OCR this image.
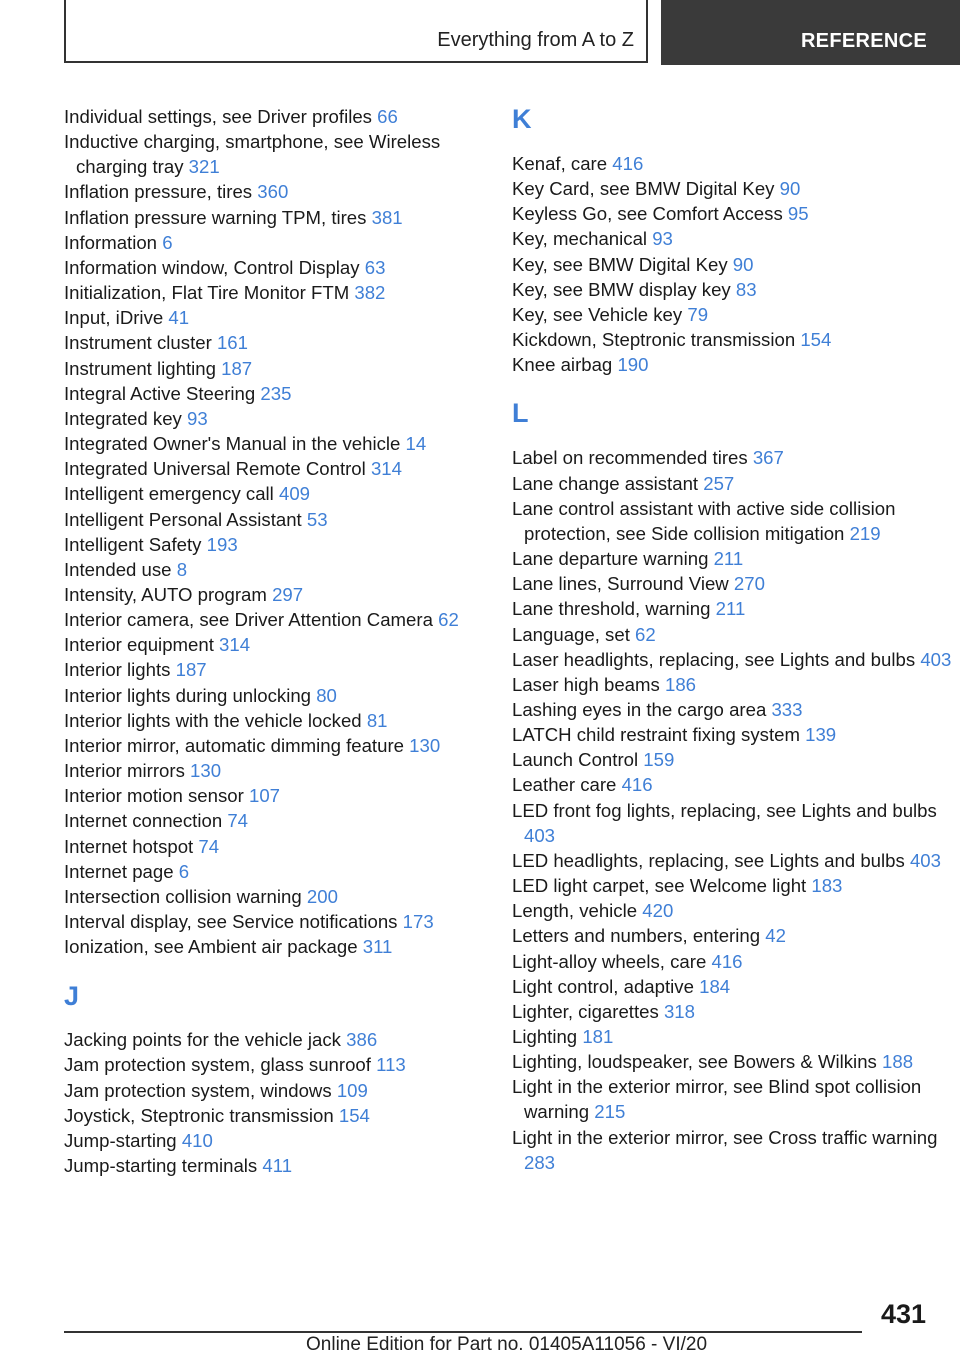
Everything from A to Z	REFERENCE
Individual settings, see Driver profiles 66
Inductive charging, smartphone, see Wireless charging tray 321
Inflation pressure, tires 360
Inflation pressure warning TPM, tires 381
Information 6
Information window, Control Display 63
Initialization, Flat Tire Monitor FTM 382
Input, iDrive 41
Instrument cluster 161
Instrument lighting 187
Integral Active Steering 235
Integrated key 93
Integrated Owner's Manual in the vehicle 14
Integrated Universal Remote Control 314
Intelligent emergency call 409
Intelligent Personal Assistant 53
Intelligent Safety 193
Intended use 8
Intensity, AUTO program 297
Interior camera, see Driver Attention Camera 62
Interior equipment 314
Interior lights 187
Interior lights during unlocking 80
Interior lights with the vehicle locked 81
Interior mirror, automatic dimming feature 130
Interior mirrors 130
Interior motion sensor 107
Internet connection 74
Internet hotspot 74
Internet page 6
Intersection collision warning 200
Interval display, see Service notifications 173
Ionization, see Ambient air package 311
J
Jacking points for the vehicle jack 386
Jam protection system, glass sunroof 113
Jam protection system, windows 109
Joystick, Steptronic transmission 154
Jump-starting 410
Jump-starting terminals 411
K
Kenaf, care 416
Key Card, see BMW Digital Key 90
Keyless Go, see Comfort Access 95
Key, mechanical 93
Key, see BMW Digital Key 90
Key, see BMW display key 83
Key, see Vehicle key 79
Kickdown, Steptronic transmission 154
Knee airbag 190
L
Label on recommended tires 367
Lane change assistant 257
Lane control assistant with active side collision protection, see Side collision mitigation 219
Lane departure warning 211
Lane lines, Surround View 270
Lane threshold, warning 211
Language, set 62
Laser headlights, replacing, see Lights and bulbs 403
Laser high beams 186
Lashing eyes in the cargo area 333
LATCH child restraint fixing system 139
Launch Control 159
Leather care 416
LED front fog lights, replacing, see Lights and bulbs 403
LED headlights, replacing, see Lights and bulbs 403
LED light carpet, see Welcome light 183
Length, vehicle 420
Letters and numbers, entering 42
Light-alloy wheels, care 416
Light control, adaptive 184
Lighter, cigarettes 318
Lighting 181
Lighting, loudspeaker, see Bowers & Wilkins 188
Light in the exterior mirror, see Blind spot collision warning 215
Light in the exterior mirror, see Cross traffic warning 283
431
Online Edition for Part no. 01405A11056 - VI/20
